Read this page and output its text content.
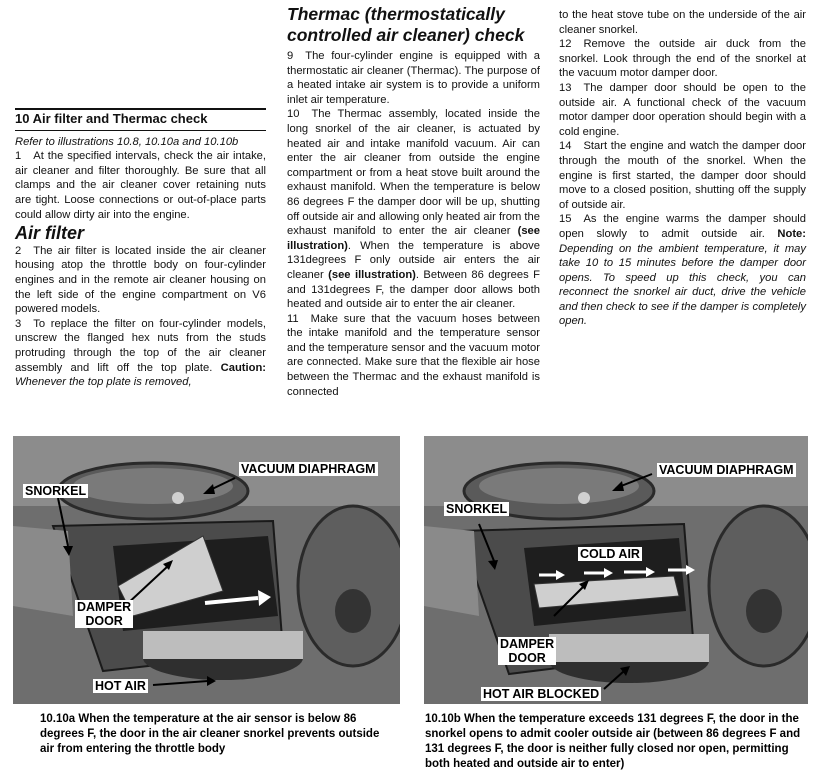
10 Air filter and Thermac check

Refer to illustrations 10.8, 10.10a and 10.10b

1 At the specified intervals, check the air intake, air cleaner and filter thoroughly. Be sure that all clamps and the air cleaner cover retaining nuts are tight. Loose connections or out-of-place parts could allow dirty air into the engine.

Air filter

2 The air filter is located inside the air cleaner housing atop the throttle body on four-cylinder engines and in the remote air cleaner housing on the left side of the engine compartment on V6 powered models.

3 To replace the filter on four-cylinder models, unscrew the flanged hex nuts from the studs protruding through the top of the air cleaner assembly and lift off the top plate. Caution: Whenever the top plate is removed,

Thermac (thermostatically controlled air cleaner) check

9 The four-cylinder engine is equipped with a thermostatic air cleaner (Thermac). The purpose of a heated intake air system is to provide a uniform inlet air temperature.

10 The Thermac assembly, located inside the long snorkel of the air cleaner, is actuated by heated air and intake manifold vacuum. Air can enter the air cleaner from outside the engine compartment or from a heat stove built around the exhaust manifold. When the temperature is below 86 degrees F the damper door will be up, shutting off outside air and allowing only heated air from the exhaust manifold to enter the air cleaner (see illustration). When the temperature is above 131degrees F only outside air enters the air cleaner (see illustration). Between 86 degrees F and 131degrees F, the damper door allows both heated and outside air to enter the air cleaner.

11 Make sure that the vacuum hoses between the intake manifold and the temperature sensor and the temperature sensor and the vacuum motor are connected. Make sure that the flexible air hose between the Thermac and the exhaust manifold is connected

to the heat stove tube on the underside of the air cleaner snorkel.

12 Remove the outside air duck from the snorkel. Look through the end of the snorkel at the vacuum motor damper door.

13 The damper door should be open to the outside air. A functional check of the vacuum motor damper door operation should begin with a cold engine.

14 Start the engine and watch the damper door through the mouth of the snorkel. When the engine is first started, the damper door should move to a closed position, shutting off the supply of outside air.

15 As the engine warms the damper should open slowly to admit outside air. Note: Depending on the ambient temperature, it may take 10 to 15 minutes before the damper door opens. To speed up this check, you can reconnect the snorkel air duct, drive the vehicle and then check to see if the damper is completely open.

VACUUM DIAPHRAGM
SNORKEL
DAMPER
DOOR
HOT AIR
VACUUM DIAPHRAGM
SNORKEL
COLD AIR
DAMPER
DOOR
HOT AIR BLOCKED
10.10a When the temperature at the air sensor is below 86 degrees F, the door in the air cleaner snorkel prevents outside air from entering the throttle body
10.10b When the temperature exceeds 131 degrees F, the door in the snorkel opens to admit cooler outside air (between 86 degrees F and 131 degrees F, the door is neither fully closed nor open, permitting both heated and outside air to enter)
